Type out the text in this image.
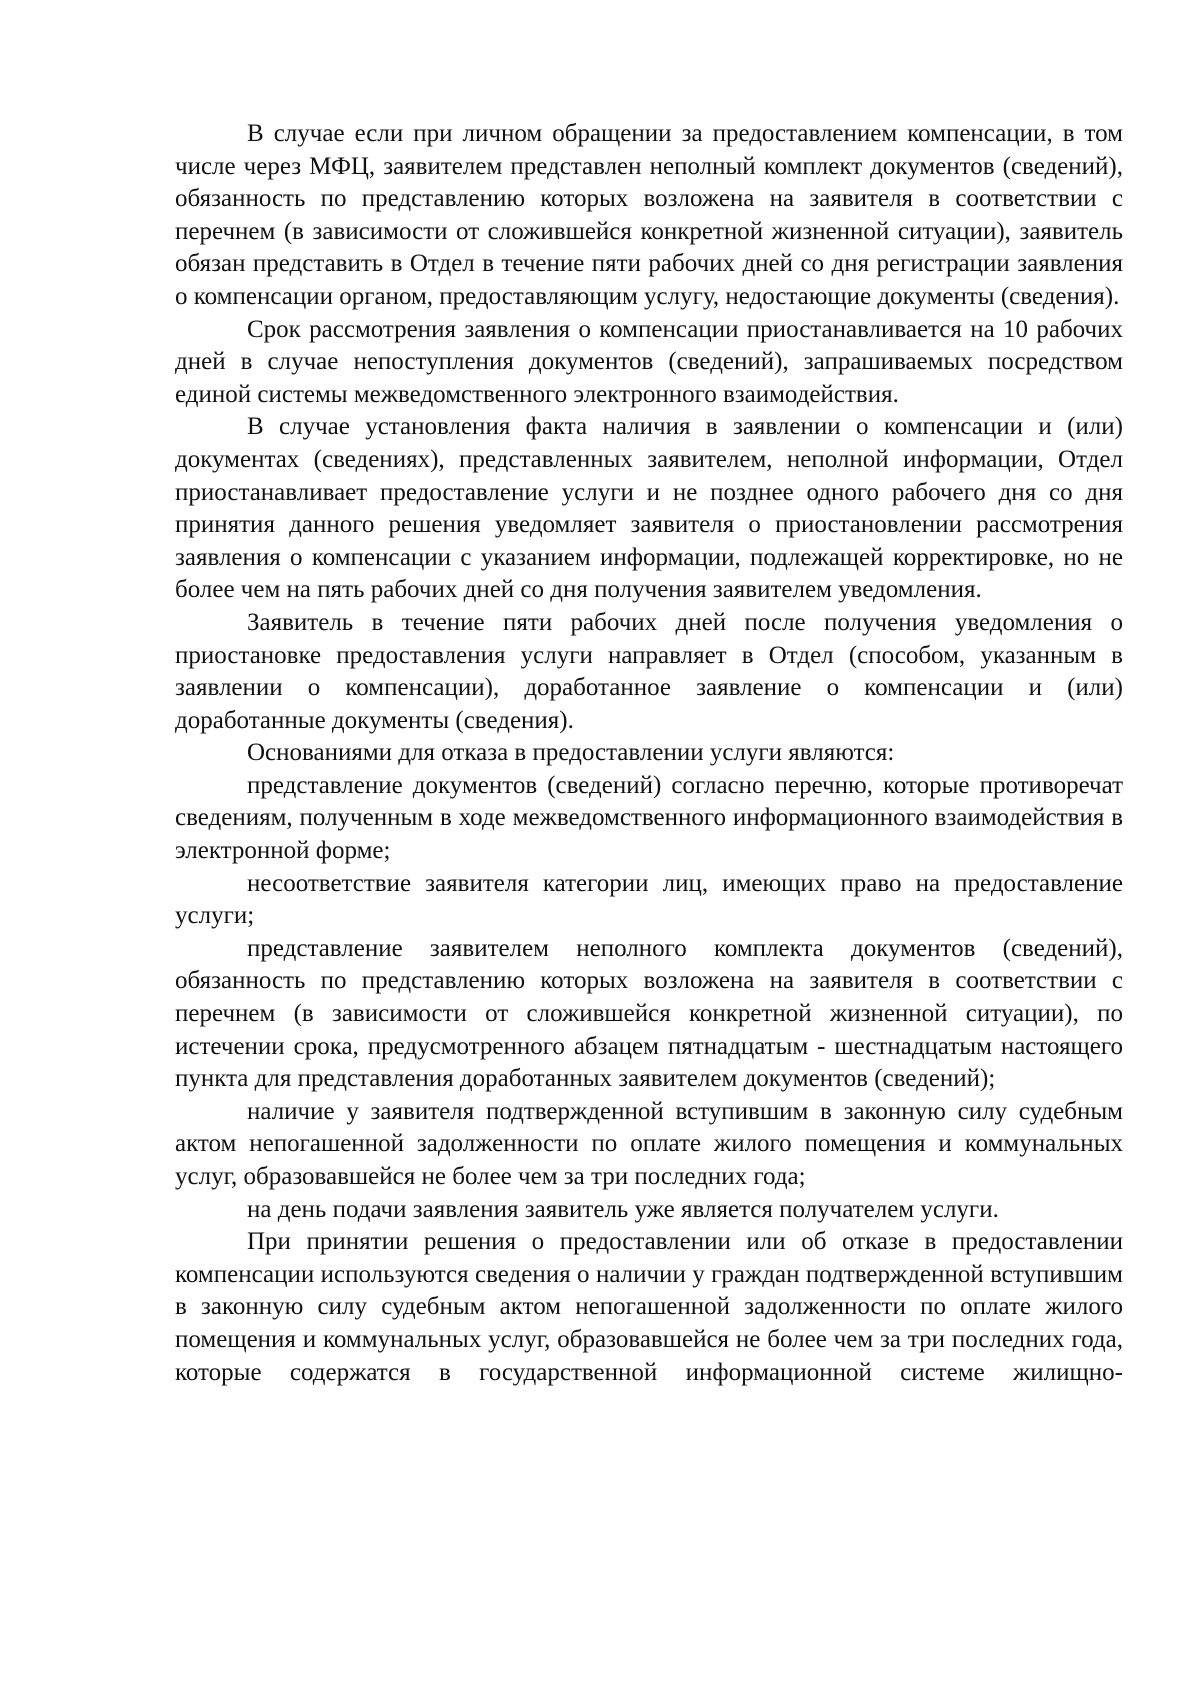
В случае если при личном обращении за предоставлением компенсации, в том числе через МФЦ, заявителем представлен неполный комплект документов (сведений), обязанность по представлению которых возложена на заявителя в соответствии с перечнем (в зависимости от сложившейся конкретной жизненной ситуации), заявитель обязан представить в Отдел в течение пяти рабочих дней со дня регистрации заявления о компенсации органом, предоставляющим услугу, недостающие документы (сведения).

Срок рассмотрения заявления о компенсации приостанавливается на 10 рабочих дней в случае непоступления документов (сведений), запрашиваемых посредством единой системы межведомственного электронного взаимодействия.

В случае установления факта наличия в заявлении о компенсации и (или) документах (сведениях), представленных заявителем, неполной информации, Отдел приостанавливает предоставление услуги и не позднее одного рабочего дня со дня принятия данного решения уведомляет заявителя о приостановлении рассмотрения заявления о компенсации с указанием информации, подлежащей корректировке, но не более чем на пять рабочих дней со дня получения заявителем уведомления.

Заявитель в течение пяти рабочих дней после получения уведомления о приостановке предоставления услуги направляет в Отдел (способом, указанным в заявлении о компенсации), доработанное заявление о компенсации и (или) доработанные документы (сведения).

Основаниями для отказа в предоставлении услуги являются:

представление документов (сведений) согласно перечню, которые противоречат сведениям, полученным в ходе межведомственного информационного взаимодействия в электронной форме;

несоответствие заявителя категории лиц, имеющих право на предоставление услуги;

представление заявителем неполного комплекта документов (сведений), обязанность по представлению которых возложена на заявителя в соответствии с перечнем (в зависимости от сложившейся конкретной жизненной ситуации), по истечении срока, предусмотренного абзацем пятнадцатым - шестнадцатым настоящего пункта для представления доработанных заявителем документов (сведений);

наличие у заявителя подтвержденной вступившим в законную силу судебным актом непогашенной задолженности по оплате жилого помещения и коммунальных услуг, образовавшейся не более чем за три последних года;

на день подачи заявления заявитель уже является получателем услуги.

При принятии решения о предоставлении или об отказе в предоставлении компенсации используются сведения о наличии у граждан подтвержденной вступившим в законную силу судебным актом непогашенной задолженности по оплате жилого помещения и коммунальных услуг, образовавшейся не более чем за три последних года, которые содержатся в государственной информационной системе жилищно-
